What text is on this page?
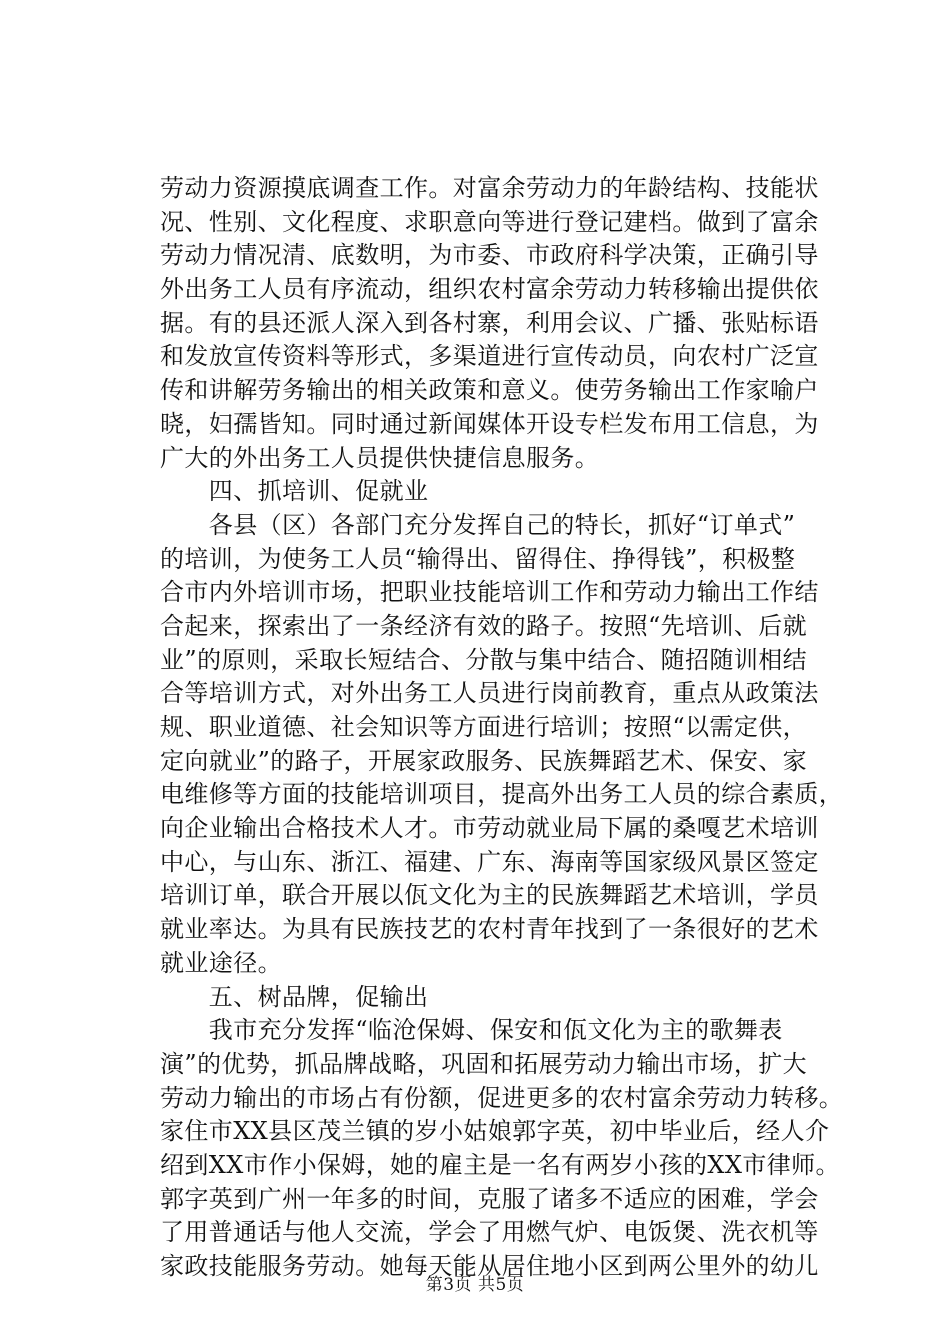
劳动力资源摸底调查工作。对富余劳动力的年龄结构、技能状
况、性别、文化程度、求职意向等进行登记建档。做到了富余
劳动力情况清、底数明，为市委、市政府科学决策，正确引导
外出务工人员有序流动，组织农村富余劳动力转移输出提供依
据。有的县还派人深入到各村寨，利用会议、广播、张贴标语
和发放宣传资料等形式，多渠道进行宣传动员，向农村广泛宣
传和讲解劳务输出的相关政策和意义。使劳务输出工作家喻户
晓，妇孺皆知。同时通过新闻媒体开设专栏发布用工信息，为
广大的外出务工人员提供快捷信息服务。
　　四、抓培训、促就业
　　各县（区）各部门充分发挥自己的特长，抓好“订单式”
的培训，为使务工人员“输得出、留得住、挣得钱”，积极整
合市内外培训市场，把职业技能培训工作和劳动力输出工作结
合起来，探索出了一条经济有效的路子。按照“先培训、后就
业”的原则，采取长短结合、分散与集中结合、随招随训相结
合等培训方式，对外出务工人员进行岗前教育，重点从政策法
规、职业道德、社会知识等方面进行培训；按照“以需定供，
定向就业”的路子，开展家政服务、民族舞蹈艺术、保安、家
电维修等方面的技能培训项目，提高外出务工人员的综合素质，
向企业输出合格技术人才。市劳动就业局下属的桑嘎艺术培训
中心，与山东、浙江、福建、广东、海南等国家级风景区签定
培训订单，联合开展以佤文化为主的民族舞蹈艺术培训，学员
就业率达。为具有民族技艺的农村青年找到了一条很好的艺术
就业途径。
　　五、树品牌，促输出
　　我市充分发挥“临沧保姆、保安和佤文化为主的歌舞表
演”的优势，抓品牌战略，巩固和拓展劳动力输出市场，扩大
劳动力输出的市场占有份额，促进更多的农村富余劳动力转移。
家住市XX县区茂兰镇的岁小姑娘郭字英，初中毕业后，经人介
绍到XX市作小保姆，她的雇主是一名有两岁小孩的XX市律师。
郭字英到广州一年多的时间，克服了诸多不适应的困难，学会
了用普通话与他人交流，学会了用燃气炉、电饭煲、洗衣机等
家政技能服务劳动。她每天能从居住地小区到两公里外的幼儿
第3页 共5页
